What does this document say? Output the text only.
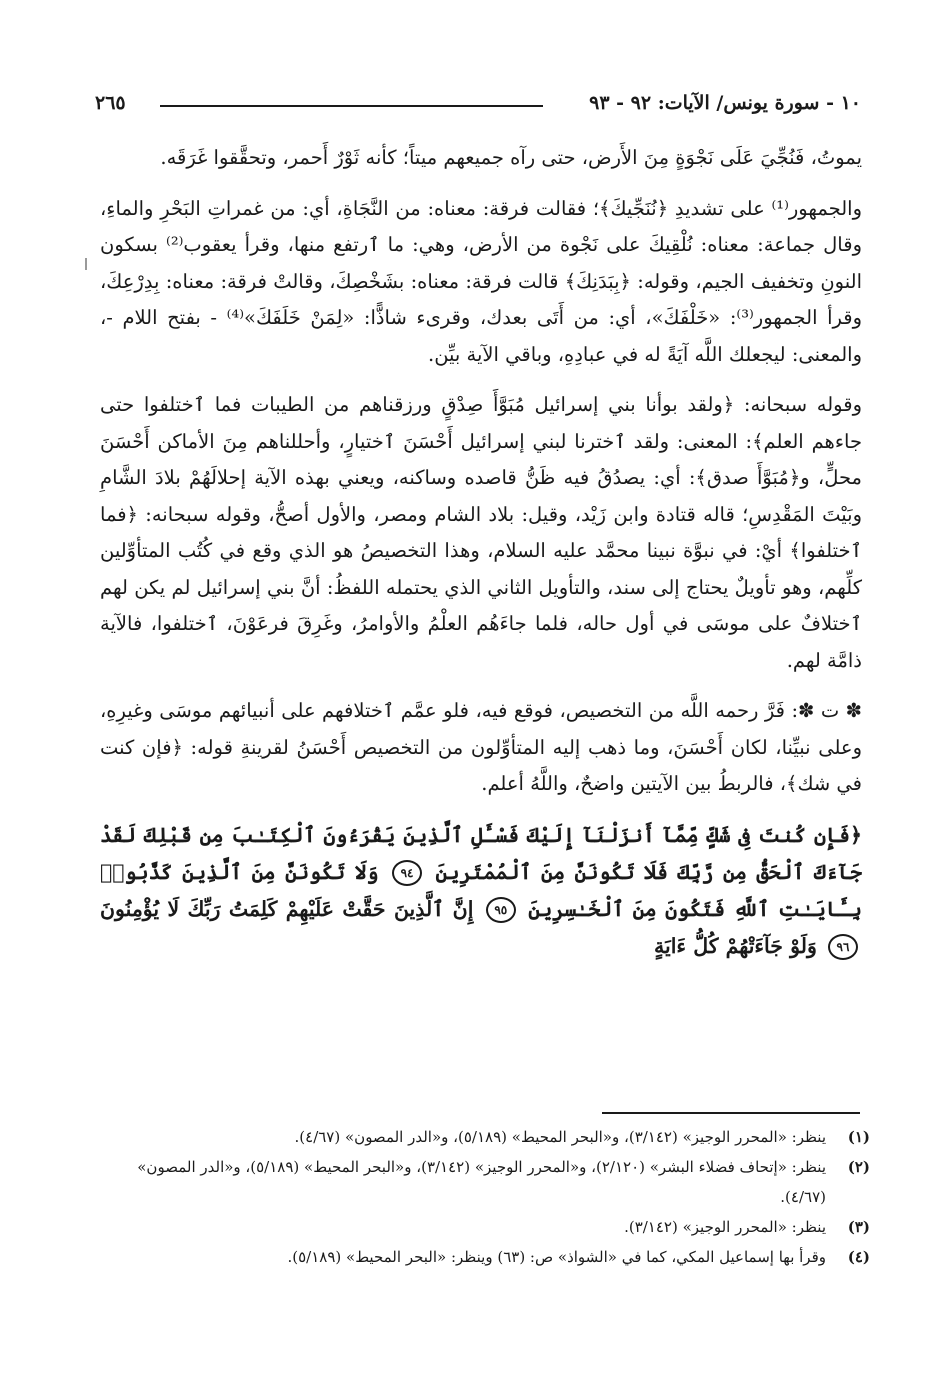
١٠ - سورة يونس/ الآيات: ٩٢ - ٩٣
٢٦٥

يموتُ، فَنُجِّيَ عَلَى نَجْوَةٍ مِنَ الأَرض، حتى رآه جميعهم ميتاً؛ كأنه ثَوْرٌ أَحمر، وتحقَّقوا غَرَقَه.

والجمهور⁽¹⁾ على تشديدِ ﴿نُنَجِّيكَ﴾؛ فقالت فرقة: معناه: من النَّجَاةِ، أي: من غمراتِ البَحْرِ والماءِ، وقال جماعة: معناه: نُلْقِيكَ على نَجْوة من الأرض، وهي: ما ٱرتفع منها، وقرأ يعقوب⁽²⁾ بسكون النونِ وتخفيف الجيم، وقوله: ﴿بِبَدَنِكَ﴾ قالت فرقة: معناه: بشَخْصِكَ، وقالتْ فرقة: معناه: بِدِرْعِكَ، وقرأ الجمهور⁽³⁾: «خَلْفَكَ»، أي: من أَتَى بعدك، وقرىء شاذًّا: «لِمَنْ خَلَفَكَ»⁽⁴⁾ - بفتح اللام -، والمعنى: ليجعلك اللَّه آيَةً له في عبادِهِ، وباقي الآية بيِّن.

وقوله سبحانه: ﴿ولقد بوأنا بني إسرائيل مُبَوَّأَ صِدْقٍ ورزقناهم من الطيبات فما ٱختلفوا حتى جاءهم العلم﴾: المعنى: ولقد ٱخترنا لبني إسرائيل أَحْسَنَ ٱختيارٍ، وأحللناهم مِنَ الأماكن أَحْسَنَ محلٍّ، و﴿مُبَوَّأَ صدق﴾: أي: يصدُقُ فيه ظَنُّ قاصده وساكنه، ويعني بهذه الآية إحلالَهُمْ بلادَ الشَّامِ وبَيْتَ المَقْدِسِ؛ قاله قتادة وابن زَيْد، وقيل: بلاد الشام ومصر، والأول أصحُّ، وقوله سبحانه: ﴿فما ٱختلفوا﴾ أيْ: في نبوَّة نبينا محمَّد عليه السلام، وهذا التخصيصُ هو الذي وقع في كُتُب المتأوِّلين كلِّهم، وهو تأويلٌ يحتاج إلى سند، والتأويل الثاني الذي يحتمله اللفظُ: أنَّ بني إسرائيل لم يكن لهم ٱختلافٌ على موسَى في أول حاله، فلما جاءَهُم العلْمُ والأوامرُ، وغَرِقَ فرعَوْنَ، ٱختلفوا، فالآية ذامَّة لهم.

✽ ت ✽: فَرَّ رحمه اللَّه من التخصيص، فوقع فيه، فلو عمَّم ٱختلافهم على أنبيائهم موسَى وغيرِهِ، وعلى نبيِّنا، لكان أَحْسَنَ، وما ذهب إليه المتأوِّلون من التخصيص أَحْسَنُ لقرينةِ قوله: ﴿فإن كنت في شك﴾، فالربطُ بين الآيتين واضحٌ، واللَّهُ أعلم.

﴿فَإِن كُنتَ فِى شَكٍّ مِّمَّآ أَنزَلْنَآ إِلَيْكَ فَسْـَٔلِ ٱلَّذِينَ يَقْرَءُونَ ٱلْكِتَـٰبَ مِن قَبْلِكَ لَقَدْ جَآءَكَ ٱلْحَقُّ مِن رَّبِّكَ فَلَا تَكُونَنَّ مِنَ ٱلْمُمْتَرِينَ ٩٤ وَلَا تَكُونَنَّ مِنَ ٱلَّذِينَ كَذَّبُوا۟ بِـَٔايَـٰتِ ٱللَّهِ فَتَكُونَ مِنَ ٱلْخَـٰسِرِينَ ٩٥ إِنَّ ٱلَّذِينَ حَقَّتْ عَلَيْهِمْ كَلِمَتُ رَبِّكَ لَا يُؤْمِنُونَ ٩٦ وَلَوْ جَآءَتْهُمْ كُلُّ ءَايَةٍ

(١)
ينظر: «المحرر الوجيز» (٣/١٤٢)، و«البحر المحيط» (٥/١٨٩)، و«الدر المصون» (٤/٦٧).

(٢)
ينظر: «إتحاف فضلاء البشر» (٢/١٢٠)، و«المحرر الوجيز» (٣/١٤٢)، و«البحر المحيط» (٥/١٨٩)، و«الدر المصون» (٤/٦٧).

(٣)
ينظر: «المحرر الوجيز» (٣/١٤٢).

(٤)
وقرأ بها إسماعيل المكي، كما في «الشواذ» ص: (٦٣) وينظر: «البحر المحيط» (٥/١٨٩).
